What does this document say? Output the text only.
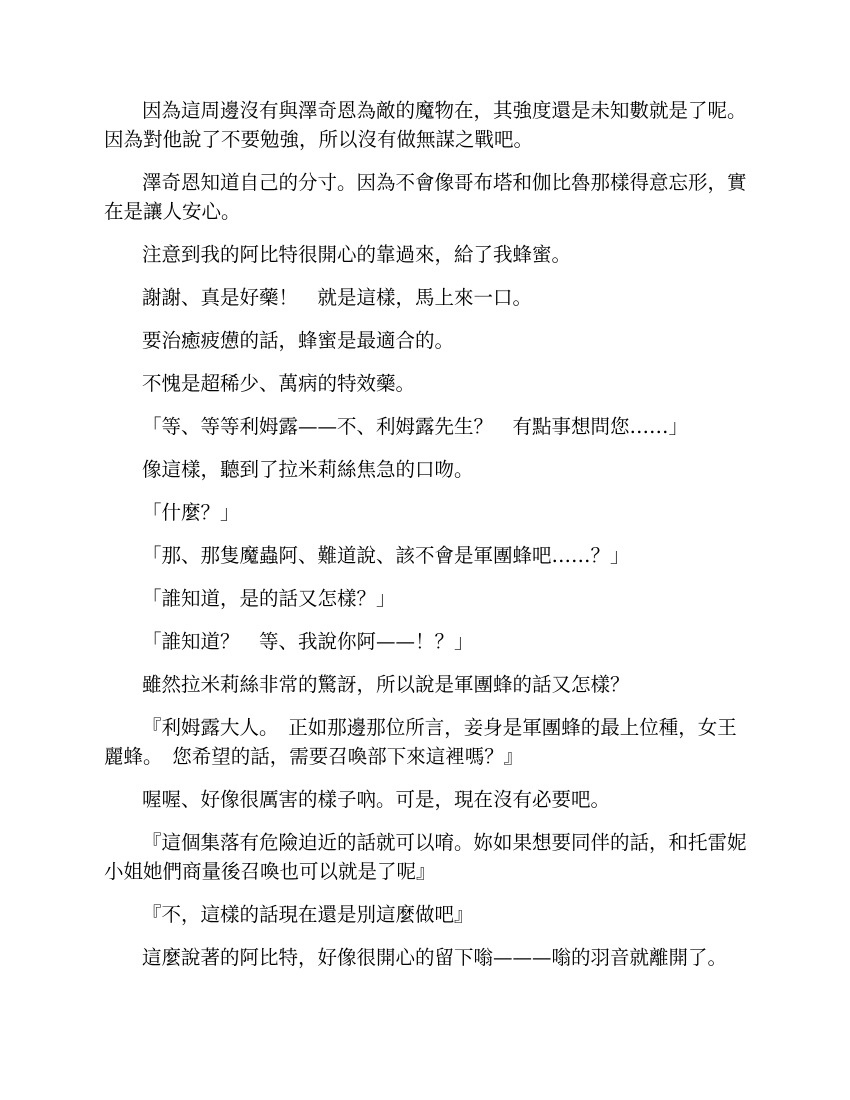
因為這周邊沒有與澤奇恩為敵的魔物在，其強度還是未知數就是了呢。因為對他說了不要勉強，所以沒有做無謀之戰吧。

澤奇恩知道自己的分寸。因為不會像哥布塔和伽比魯那樣得意忘形，實在是讓人安心。

注意到我的阿比特很開心的靠過來，給了我蜂蜜。

謝謝、真是好藥！　就是這樣，馬上來一口。

要治癒疲憊的話，蜂蜜是最適合的。

不愧是超稀少、萬病的特效藥。

「等、等等利姆露——不、利姆露先生？　有點事想問您……」

像這樣，聽到了拉米莉絲焦急的口吻。

「什麼？」

「那、那隻魔蟲阿、難道說、該不會是軍團蜂吧……？」

「誰知道，是的話又怎樣？」

「誰知道？　等、我說你阿——！？」

雖然拉米莉絲非常的驚訝，所以說是軍團蜂的話又怎樣？

『利姆露大人。　正如那邊那位所言，妾身是軍團蜂的最上位種，女王麗蜂。　您希望的話，需要召喚部下來這裡嗎？』

喔喔、好像很厲害的樣子吶。可是，現在沒有必要吧。

『這個集落有危險迫近的話就可以唷。妳如果想要同伴的話，和托雷妮小姐她們商量後召喚也可以就是了呢』

『不，這樣的話現在還是別這麼做吧』

這麼說著的阿比特，好像很開心的留下嗡———嗡的羽音就離開了。
